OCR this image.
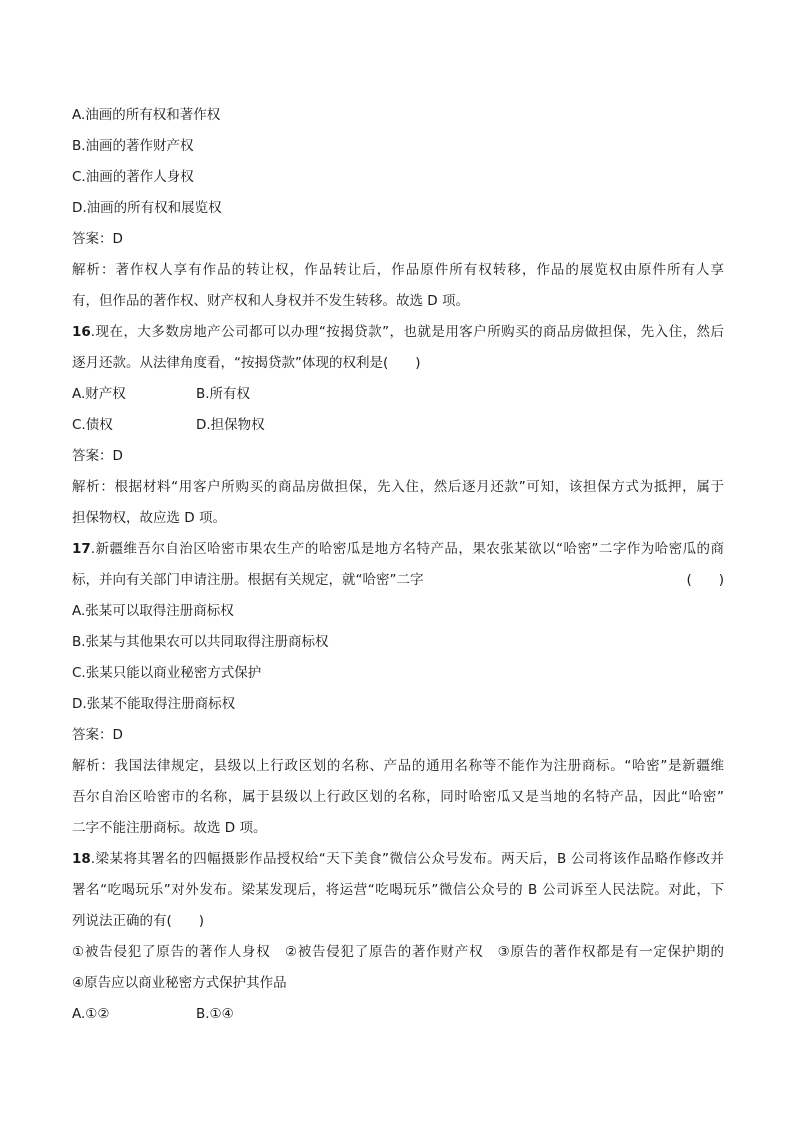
A.油画的所有权和著作权
B.油画的著作财产权
C.油画的著作人身权
D.油画的所有权和展览权
答案：D
解析：著作权人享有作品的转让权，作品转让后，作品原件所有权转移，作品的展览权由原件所有人享
有，但作品的著作权、财产权和人身权并不发生转移。故选 D 项。
16.现在，大多数房地产公司都可以办理“按揭贷款”，也就是用客户所购买的商品房做担保，先入住，然后
逐月还款。从法律角度看，“按揭贷款”体现的权利是(　　)
A.财产权	B.所有权
C.债权	D.担保物权
答案：D
解析：根据材料“用客户所购买的商品房做担保，先入住，然后逐月还款”可知，该担保方式为抵押，属于
担保物权，故应选 D 项。
17.新疆维吾尔自治区哈密市果农生产的哈密瓜是地方名特产品，果农张某欲以“哈密”二字作为哈密瓜的商
标，并向有关部门申请注册。根据有关规定，就“哈密”二字	(　　)
A.张某可以取得注册商标权
B.张某与其他果农可以共同取得注册商标权
C.张某只能以商业秘密方式保护
D.张某不能取得注册商标权
答案：D
解析：我国法律规定，县级以上行政区划的名称、产品的通用名称等不能作为注册商标。“哈密”是新疆维
吾尔自治区哈密市的名称，属于县级以上行政区划的名称，同时哈密瓜又是当地的名特产品，因此“哈密”
二字不能注册商标。故选 D 项。
18.梁某将其署名的四幅摄影作品授权给“天下美食”微信公众号发布。两天后，B 公司将该作品略作修改并
署名“吃喝玩乐”对外发布。梁某发现后，将运营“吃喝玩乐”微信公众号的 B 公司诉至人民法院。对此，下
列说法正确的有(　　)
①被告侵犯了原告的著作人身权　②被告侵犯了原告的著作财产权　③原告的著作权都是有一定保护期的
④原告应以商业秘密方式保护其作品
A.①②	B.①④
